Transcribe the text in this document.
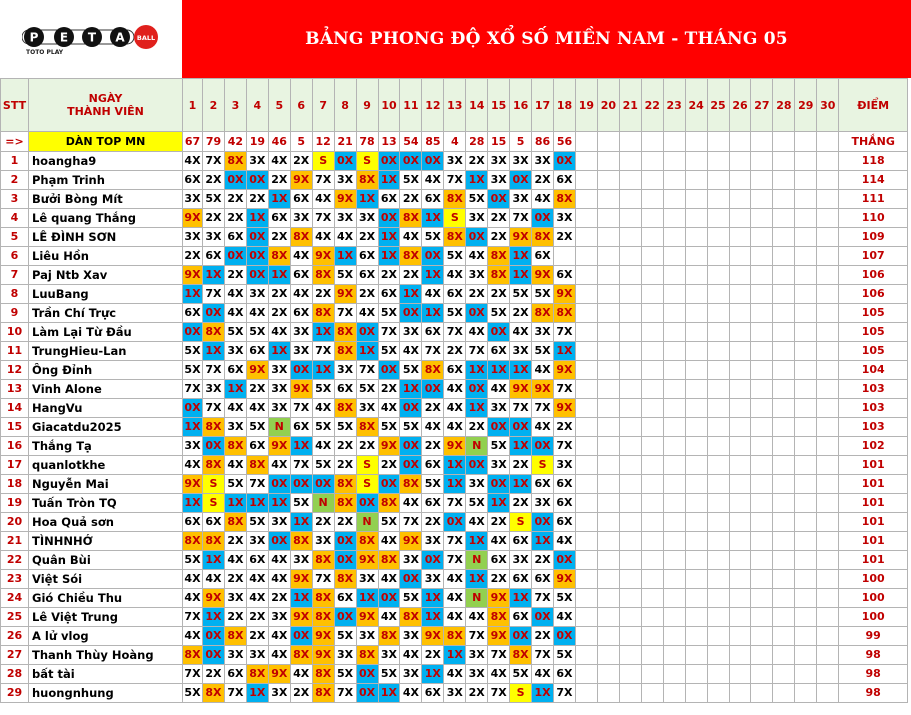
P E T A BALL
TOTO PLAY
BẢNG PHONG ĐỘ XỔ SỐ MIỀN NAM - THÁNG 05
STT	NGÀY
THÀNH VIÊN	1	2	3	4	5	6	7	8	9	10	11	12	13	14	15	16	17	18	19	20	21	22	23	24	25	26	27	28	29	30	ĐIỂM
=>	DÀN TOP MN	67	79	42	19	46	5	12	21	78	13	54	85	4	28	15	5	86	56													THẮNG
1	hoangha9	4X	7X	8X	3X	4X	2X	S	0X	S	0X	0X	0X	3X	2X	3X	3X	3X	0X													118
2	Phạm Trinh	6X	2X	0X	0X	2X	9X	7X	3X	8X	1X	5X	4X	7X	1X	3X	0X	2X	6X													114
3	Bưởi Bòng Mít	3X	5X	2X	2X	1X	6X	4X	9X	1X	6X	2X	6X	8X	5X	0X	3X	4X	8X													111
4	Lê quang Thắng	9X	2X	2X	1X	6X	3X	7X	3X	3X	0X	8X	1X	S	3X	2X	7X	0X	3X													110
5	LÊ ĐÌNH SƠN	3X	3X	6X	0X	2X	8X	4X	4X	2X	1X	4X	5X	8X	0X	2X	9X	8X	2X													109
6	Liêu Hồn	2X	6X	0X	0X	8X	4X	9X	1X	6X	1X	8X	0X	5X	4X	8X	1X	6X														107
7	Paj Ntb Xav	9X	1X	2X	0X	1X	6X	8X	5X	6X	2X	2X	1X	4X	3X	8X	1X	9X	6X													106
8	LuuBang	1X	7X	4X	3X	2X	4X	2X	9X	2X	6X	1X	4X	6X	2X	2X	5X	5X	9X													106
9	Trần Chí Trực	6X	0X	4X	4X	2X	6X	8X	7X	4X	5X	0X	1X	5X	0X	5X	2X	8X	8X													105
10	Làm Lại Từ Đầu	0X	8X	5X	5X	4X	3X	1X	8X	0X	7X	3X	6X	7X	4X	0X	4X	3X	7X													105
11	TrungHieu-Lan	5X	1X	3X	6X	1X	3X	7X	8X	1X	5X	4X	7X	2X	7X	6X	3X	5X	1X													105
12	Ông Đỉnh	5X	7X	6X	9X	3X	0X	1X	3X	7X	0X	5X	8X	6X	1X	1X	1X	4X	9X													104
13	Vinh Alone	7X	3X	1X	2X	3X	9X	5X	6X	5X	2X	1X	0X	4X	0X	4X	9X	9X	7X													103
14	HangVu	0X	7X	4X	4X	3X	7X	4X	8X	3X	4X	0X	2X	4X	1X	3X	7X	7X	9X													103
15	Giacatdu2025	1X	8X	3X	5X	N	6X	5X	5X	8X	5X	5X	4X	4X	2X	0X	0X	4X	2X													103
16	Thắng Tạ	3X	0X	8X	6X	9X	1X	4X	2X	2X	9X	0X	2X	9X	N	5X	1X	0X	7X													102
17	quanlotkhe	4X	8X	4X	8X	4X	7X	5X	2X	S	2X	0X	6X	1X	0X	3X	2X	S	3X													101
18	Nguyễn Mai	9X	S	5X	7X	0X	0X	0X	8X	S	0X	8X	5X	1X	3X	0X	1X	6X	6X													101
19	Tuấn Tròn TQ	1X	S	1X	1X	1X	5X	N	8X	0X	8X	4X	6X	7X	5X	1X	2X	3X	6X													101
20	Hoa Quả sơn	6X	6X	8X	5X	3X	1X	2X	2X	N	5X	7X	2X	0X	4X	2X	S	0X	6X													101
21	TÌNHNHỚ	8X	8X	2X	3X	0X	8X	3X	0X	8X	4X	9X	3X	7X	1X	4X	6X	1X	4X													101
22	Quân Bùi	5X	1X	4X	6X	4X	3X	8X	0X	9X	8X	3X	0X	7X	N	6X	3X	2X	0X													101
23	Việt Sói	4X	4X	2X	4X	4X	9X	7X	8X	3X	4X	0X	3X	4X	1X	2X	6X	6X	9X													100
24	Gió Chiều Thu	4X	9X	3X	4X	2X	1X	8X	6X	1X	0X	5X	1X	4X	N	9X	1X	7X	5X													100
25	Lê Việt Trung	7X	1X	2X	2X	3X	9X	8X	0X	9X	4X	8X	1X	4X	4X	8X	6X	0X	4X													100
26	A lử vlog	4X	0X	8X	2X	4X	0X	9X	5X	3X	8X	3X	9X	8X	7X	9X	0X	2X	0X													99
27	Thanh Thùy Hoàng	8X	0X	3X	3X	4X	8X	9X	3X	8X	3X	4X	2X	1X	3X	7X	8X	7X	5X													98
28	bất tài	7X	2X	6X	8X	9X	4X	8X	5X	0X	5X	3X	1X	4X	3X	4X	5X	4X	6X													98
29	huongnhung	5X	8X	7X	1X	3X	2X	8X	7X	0X	1X	4X	6X	3X	2X	7X	S	1X	7X													98
